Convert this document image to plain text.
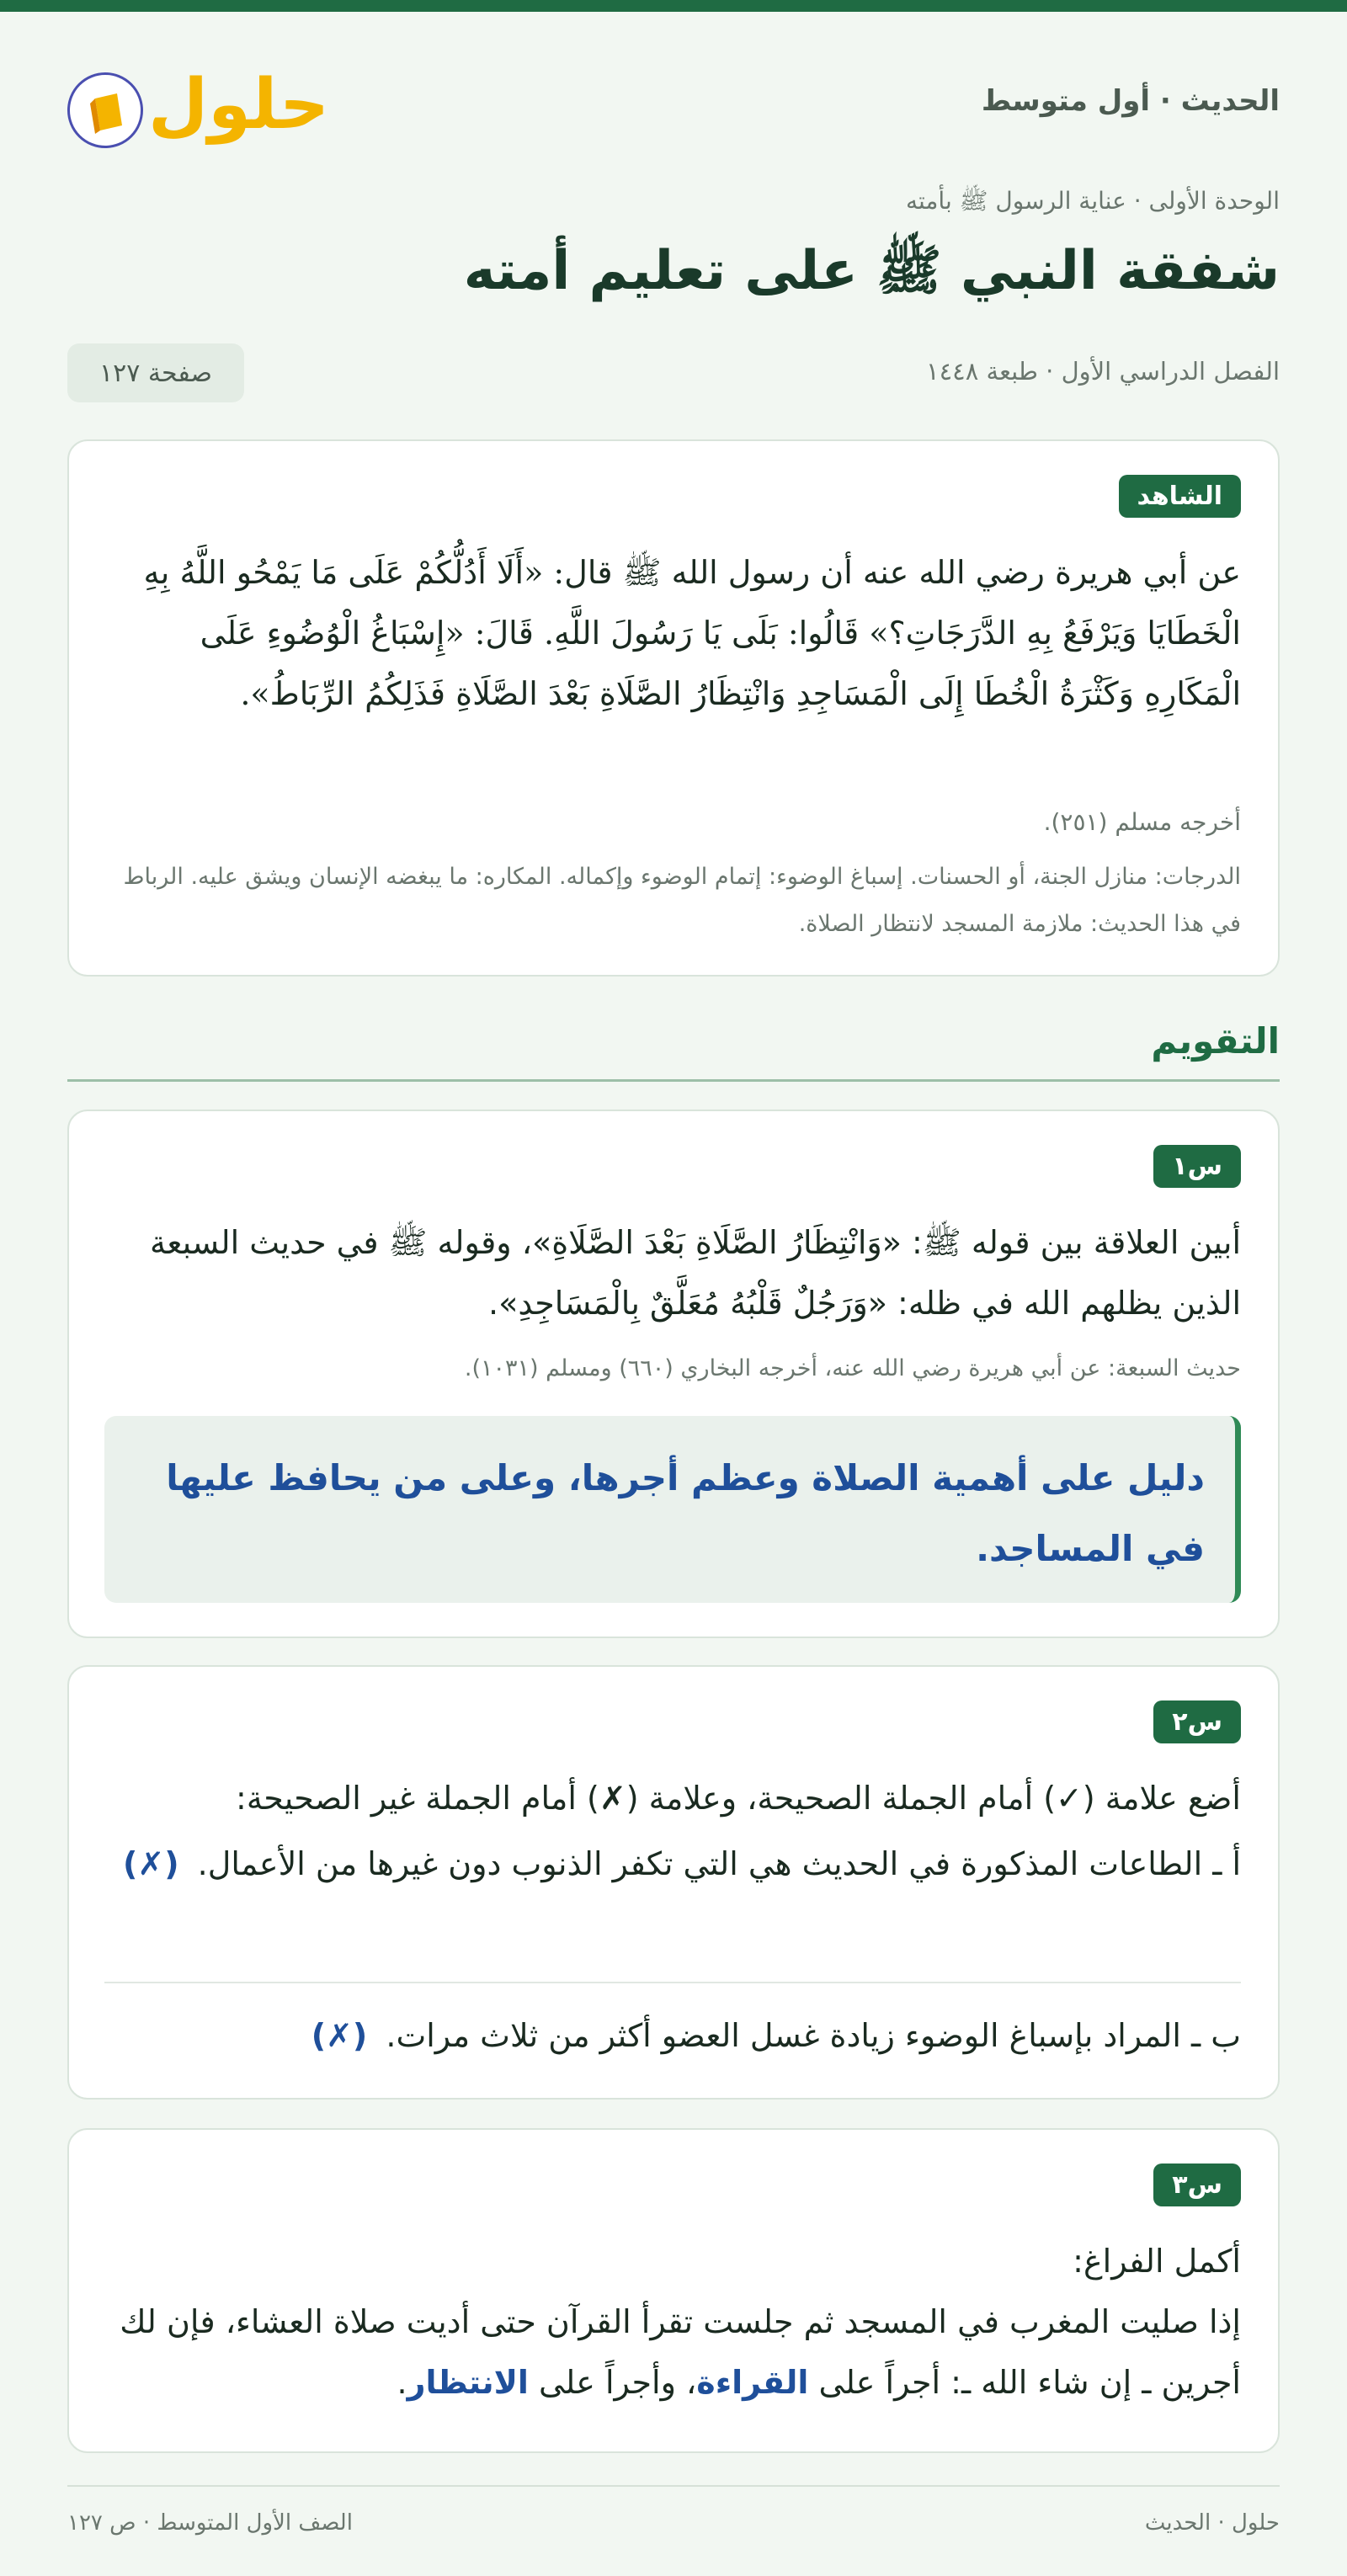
الحديث · أول متوسط
حلول
الوحدة الأولى · عناية الرسول ﷺ بأمته
شفقة النبي ﷺ على تعليم أمته
الفصل الدراسي الأول · طبعة ١٤٤٨
صفحة ١٢٧
الشاهد
عن أبي هريرة رضي الله عنه أن رسول الله ﷺ قال: «أَلَا أَدُلُّكُمْ عَلَى مَا يَمْحُو اللَّهُ بِهِ الْخَطَايَا وَيَرْفَعُ بِهِ الدَّرَجَاتِ؟» قَالُوا: بَلَى يَا رَسُولَ اللَّهِ. قَالَ: «إِسْبَاغُ الْوُضُوءِ عَلَى الْمَكَارِهِ وَكَثْرَةُ الْخُطَا إِلَى الْمَسَاجِدِ وَانْتِظَارُ الصَّلَاةِ بَعْدَ الصَّلَاةِ فَذَلِكُمُ الرِّبَاطُ».
أخرجه مسلم (٢٥١).
الدرجات: منازل الجنة، أو الحسنات. إسباغ الوضوء: إتمام الوضوء وإكماله. المكاره: ما يبغضه الإنسان ويشق عليه. الرباط في هذا الحديث: ملازمة المسجد لانتظار الصلاة.
التقويم
س١
أبين العلاقة بين قوله ﷺ: «وَانْتِظَارُ الصَّلَاةِ بَعْدَ الصَّلَاةِ»، وقوله ﷺ في حديث السبعة الذين يظلهم الله في ظله: «وَرَجُلٌ قَلْبُهُ مُعَلَّقٌ بِالْمَسَاجِدِ».
حديث السبعة: عن أبي هريرة رضي الله عنه، أخرجه البخاري (٦٦٠) ومسلم (١٠٣١).
دليل على أهمية الصلاة وعظم أجرها، وعلى من يحافظ عليها في المساجد.
س٢
أضع علامة (✓) أمام الجملة الصحيحة، وعلامة (✗) أمام الجملة غير الصحيحة:
أ ـ الطاعات المذكورة في الحديث هي التي تكفر الذنوب دون غيرها من الأعمال. (✗)
ب ـ المراد بإسباغ الوضوء زيادة غسل العضو أكثر من ثلاث مرات. (✗)
س٣
أكمل الفراغ:
إذا صليت المغرب في المسجد ثم جلست تقرأ القرآن حتى أديت صلاة العشاء، فإن لك أجرين ـ إن شاء الله ـ: أجراً على القراءة، وأجراً على الانتظار.
حلول · الحديث
الصف الأول المتوسط · ص ١٢٧
